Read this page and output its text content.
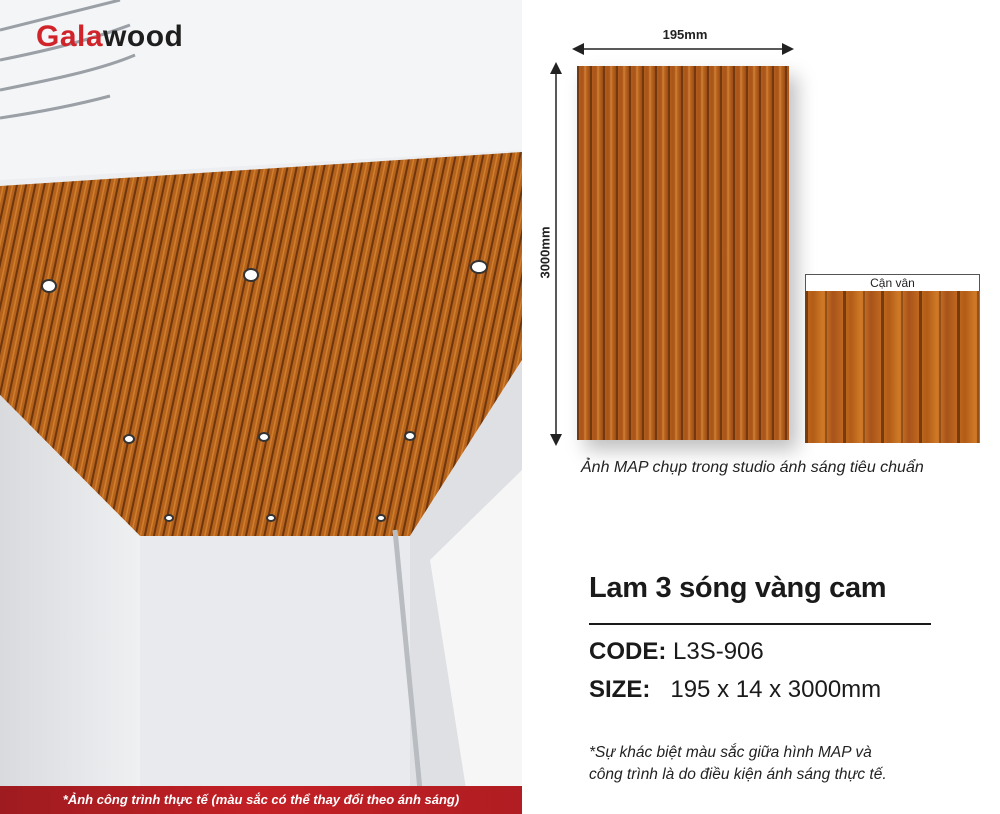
Galawood
*Ảnh công trình thực tế (màu sắc có thể thay đổi theo ánh sáng)
195mm
3000mm
Cận vân
Ảnh MAP chụp trong studio ánh sáng tiêu chuẩn
Lam 3 sóng vàng cam
CODE: L3S-906
SIZE: 195 x 14 x 3000mm
*Sự khác biệt màu sắc giữa hình MAP và
công trình là do điều kiện ánh sáng thực tế.
